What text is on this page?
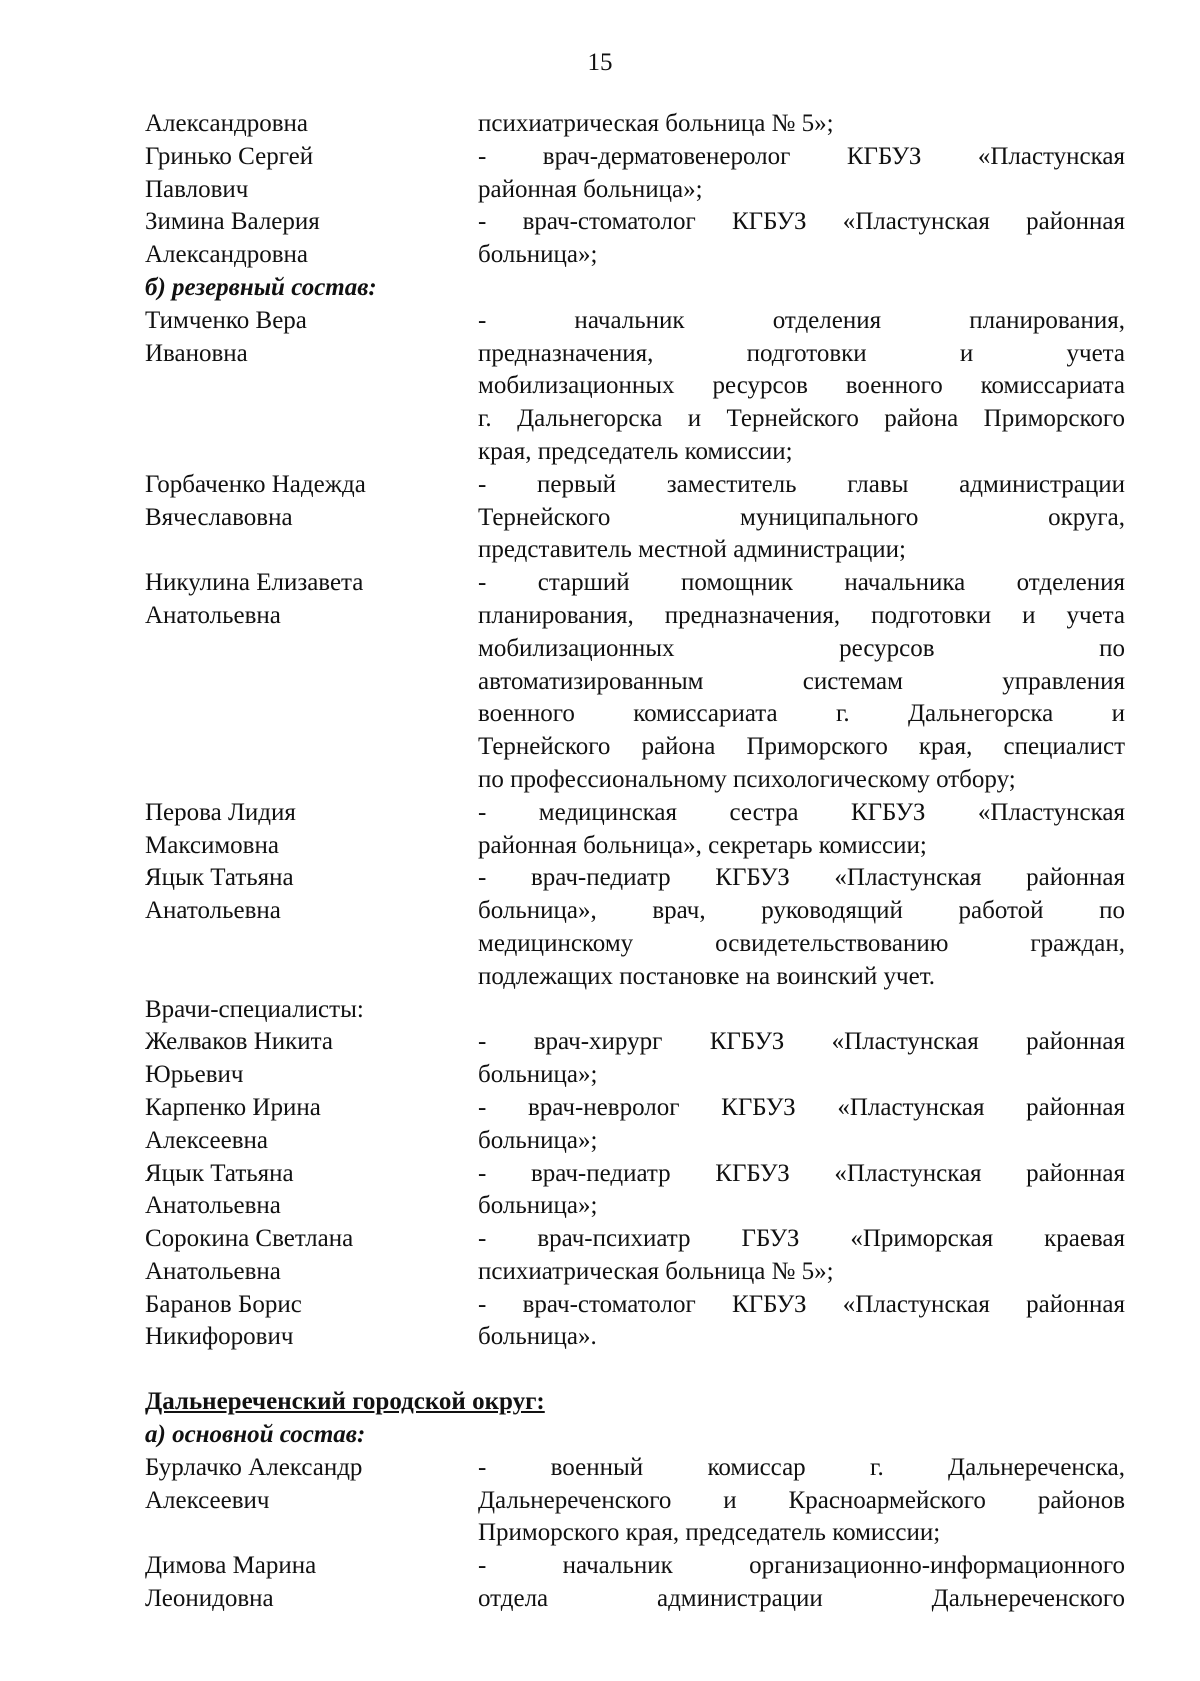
15
Александровна	психиатрическая больница № 5»;
Гринько Сергей
Павлович
- врач-дерматовенеролог КГБУЗ «Пластунская
районная больница»;
Зимина Валерия
Александровна
- врач-стоматолог КГБУЗ «Пластунская районная
больница»;
б) резервный состав:
Тимченко Вера
Ивановна
- начальник отделения планирования,
предназначения, подготовки и учета
мобилизационных ресурсов военного комиссариата
г. Дальнегорска и Тернейского района Приморского
края, председатель комиссии;
Горбаченко Надежда
Вячеславовна
- первый заместитель главы администрации
Тернейского муниципального округа,
представитель местной администрации;
Никулина Елизавета
Анатольевна
- старший помощник начальника отделения
планирования, предназначения, подготовки и учета
мобилизационных ресурсов по
автоматизированным системам управления
военного комиссариата г. Дальнегорска и
Тернейского района Приморского края, специалист
по профессиональному психологическому отбору;
Перова Лидия
Максимовна
- медицинская сестра КГБУЗ «Пластунская
районная больница», секретарь комиссии;
Яцык Татьяна
Анатольевна
- врач-педиатр КГБУЗ «Пластунская районная
больница», врач, руководящий работой по
медицинскому освидетельствованию граждан,
подлежащих постановке на воинский учет.
Врачи-специалисты:
Желваков Никита
Юрьевич
- врач-хирург КГБУЗ «Пластунская районная
больница»;
Карпенко Ирина
Алексеевна
- врач-невролог КГБУЗ «Пластунская районная
больница»;
Яцык Татьяна
Анатольевна
- врач-педиатр КГБУЗ «Пластунская районная
больница»;
Сорокина Светлана
Анатольевна
- врач-психиатр ГБУЗ «Приморская краевая
психиатрическая больница № 5»;
Баранов Борис
Никифорович
- врач-стоматолог КГБУЗ «Пластунская районная
больница».
Дальнереченский городской округ:
а) основной состав:
Бурлачко Александр
Алексеевич
- военный комиссар г. Дальнереченска,
Дальнереченского и Красноармейского районов
Приморского края, председатель комиссии;
Димова Марина
Леонидовна
- начальник организационно-информационного
отдела администрации Дальнереченского
